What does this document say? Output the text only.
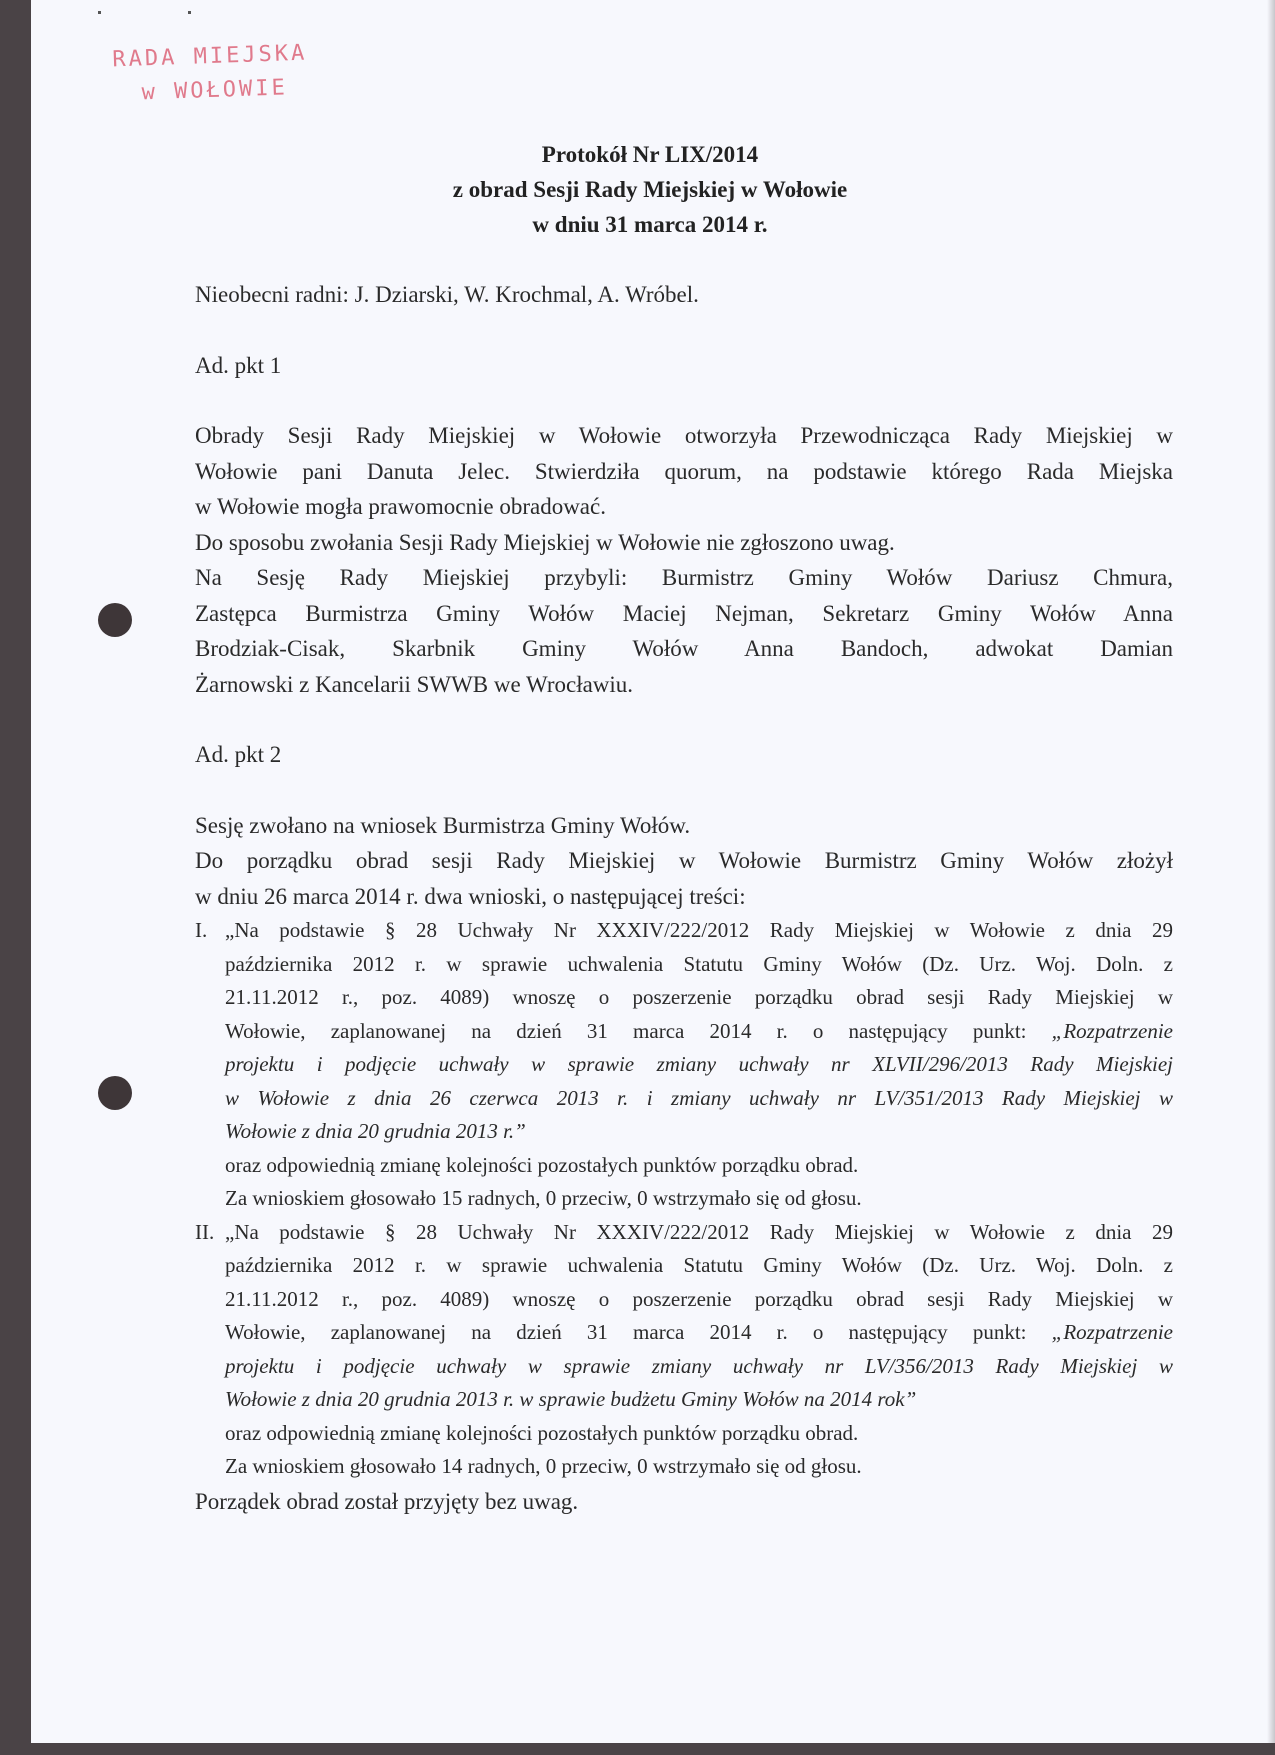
RADA MIEJSKA
w WOŁOWIE
Protokół Nr LIX/2014
z obrad Sesji Rady Miejskiej w Wołowie
w dniu 31 marca 2014 r.

Nieobecni radni: J. Dziarski, W. Krochmal, A. Wróbel.

Ad. pkt 1

Obrady Sesji Rady Miejskiej w Wołowie otworzyła Przewodnicząca Rady Miejskiej w

Wołowie pani Danuta Jelec. Stwierdziła quorum, na podstawie którego Rada Miejska

w Wołowie mogła prawomocnie obradować.

Do sposobu zwołania Sesji Rady Miejskiej w Wołowie nie zgłoszono uwag.

Na Sesję Rady Miejskiej przybyli: Burmistrz Gminy Wołów Dariusz Chmura,

Zastępca Burmistrza Gminy Wołów Maciej Nejman, Sekretarz Gminy Wołów Anna

Brodziak-Cisak, Skarbnik Gminy Wołów Anna Bandoch, adwokat Damian

Żarnowski z Kancelarii SWWB we Wrocławiu.

Ad. pkt 2

Sesję zwołano na wniosek Burmistrza Gminy Wołów.

Do porządku obrad sesji Rady Miejskiej w Wołowie Burmistrz Gminy Wołów złożył

w dniu 26 marca 2014 r. dwa wnioski, o następującej treści:

I. „Na podstawie § 28 Uchwały Nr XXXIV/222/2012 Rady Miejskiej w Wołowie z dnia 29
października 2012 r. w sprawie uchwalenia Statutu Gminy Wołów (Dz. Urz. Woj. Doln. z
21.11.2012 r., poz. 4089) wnoszę o poszerzenie porządku obrad sesji Rady Miejskiej w
Wołowie, zaplanowanej na dzień 31 marca 2014 r. o następujący punkt: „Rozpatrzenie
projektu i podjęcie uchwały w sprawie zmiany uchwały nr XLVII/296/2013 Rady Miejskiej
w Wołowie z dnia 26 czerwca 2013 r. i zmiany uchwały nr LV/351/2013 Rady Miejskiej w
Wołowie z dnia 20 grudnia 2013 r.”
oraz odpowiednią zmianę kolejności pozostałych punktów porządku obrad.
Za wnioskiem głosowało 15 radnych, 0 przeciw, 0 wstrzymało się od głosu.
II. „Na podstawie § 28 Uchwały Nr XXXIV/222/2012 Rady Miejskiej w Wołowie z dnia 29
października 2012 r. w sprawie uchwalenia Statutu Gminy Wołów (Dz. Urz. Woj. Doln. z
21.11.2012 r., poz. 4089) wnoszę o poszerzenie porządku obrad sesji Rady Miejskiej w
Wołowie, zaplanowanej na dzień 31 marca 2014 r. o następujący punkt: „Rozpatrzenie
projektu i podjęcie uchwały w sprawie zmiany uchwały nr LV/356/2013 Rady Miejskiej w
Wołowie z dnia 20 grudnia 2013 r. w sprawie budżetu Gminy Wołów na 2014 rok”
oraz odpowiednią zmianę kolejności pozostałych punktów porządku obrad.
Za wnioskiem głosowało 14 radnych, 0 przeciw, 0 wstrzymało się od głosu.

Porządek obrad został przyjęty bez uwag.
